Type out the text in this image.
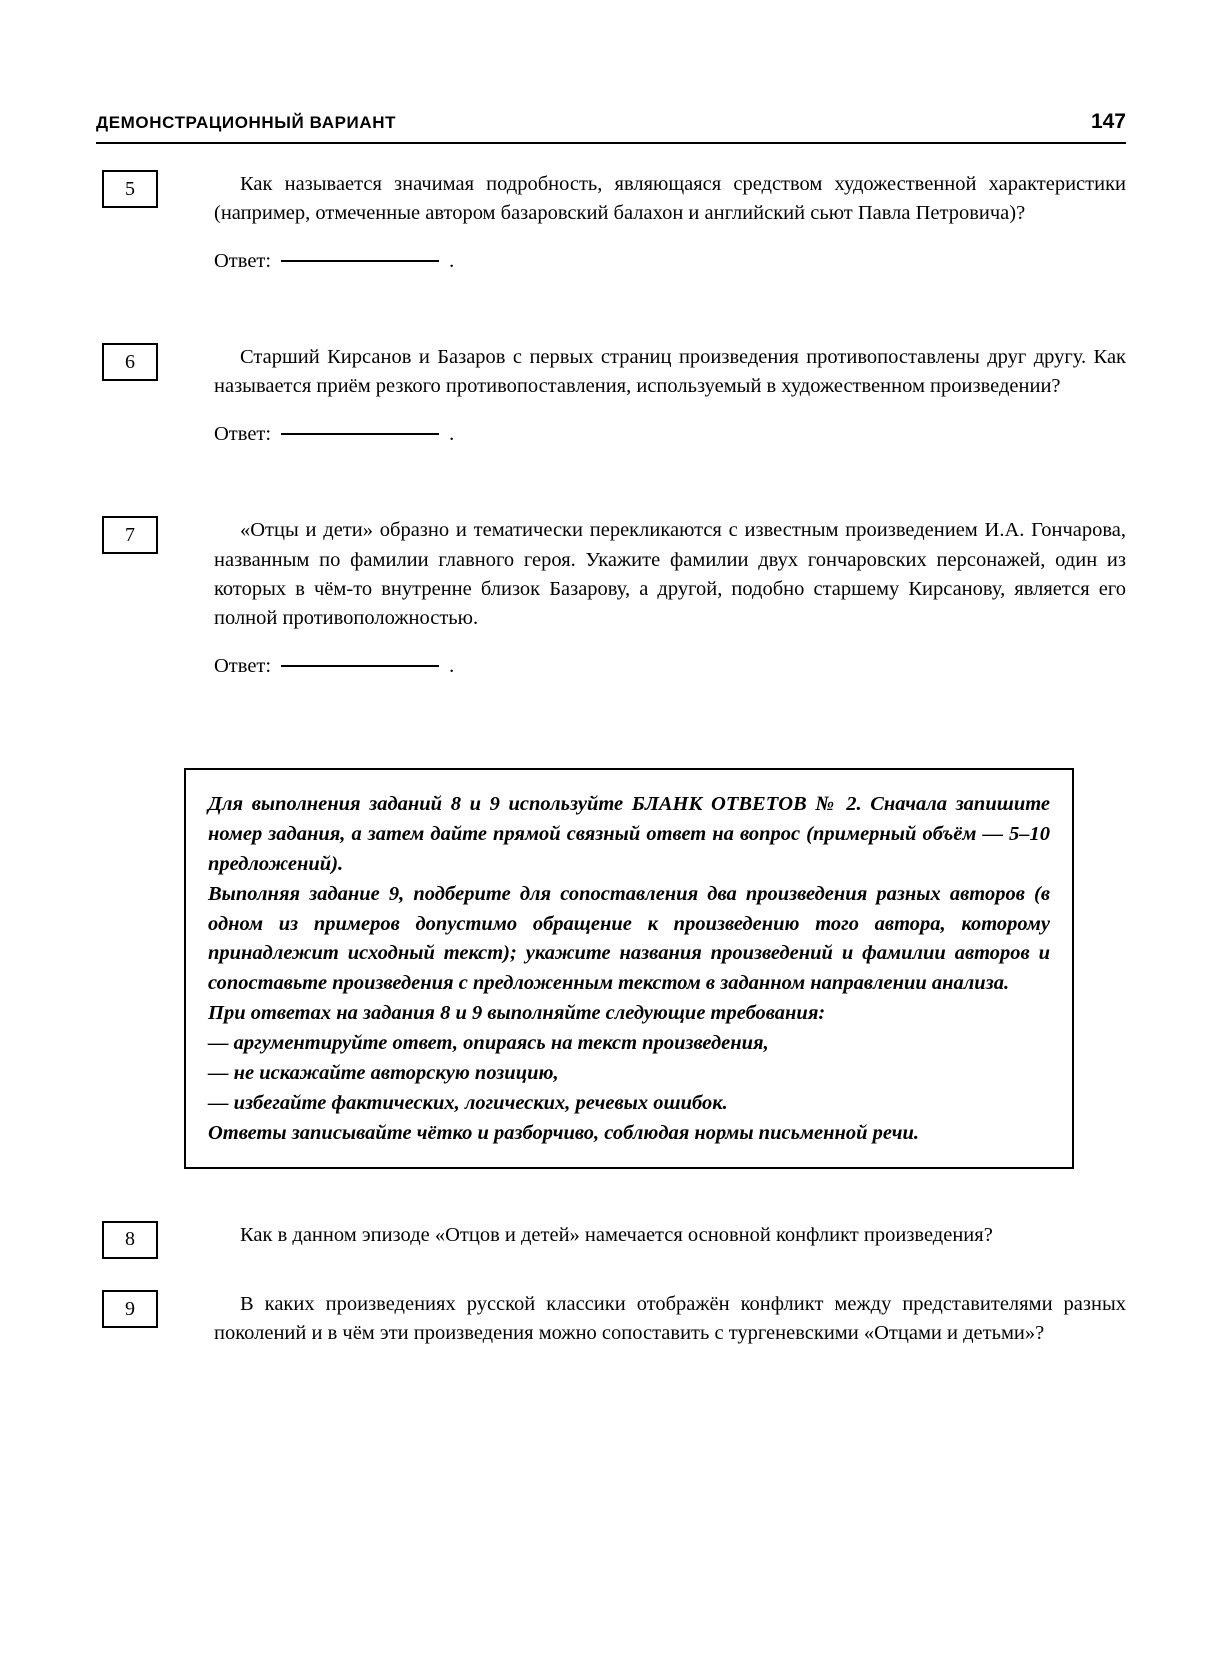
ДЕМОНСТРАЦИОННЫЙ ВАРИАНТ	147
5	Как называется значимая подробность, являющаяся средством художественной характеристики (например, отмеченные автором базаровский балахон и английский сьют Павла Петровича)?
Ответ:	.
6	Старший Кирсанов и Базаров с первых страниц произведения противопоставлены друг другу. Как называется приём резкого противопоставления, используемый в художественном произведении?
Ответ:	.
7	«Отцы и дети» образно и тематически перекликаются с известным произведением И.А. Гончарова, названным по фамилии главного героя. Укажите фамилии двух гончаровских персонажей, один из которых в чём-то внутренне близок Базарову, а другой, подобно старшему Кирсанову, является его полной противоположностью.
Ответ:	.

Для выполнения заданий 8 и 9 используйте БЛАНК ОТВЕТОВ № 2. Сначала запишите номер задания, а затем дайте прямой связный ответ на вопрос (примерный объём — 5–10 предложений).

Выполняя задание 9, подберите для сопоставления два произведения разных авторов (в одном из примеров допустимо обращение к произведению того автора, которому принадлежит исходный текст); укажите названия произведений и фамилии авторов и сопоставьте произведения с предложенным текстом в заданном направлении анализа.

При ответах на задания 8 и 9 выполняйте следующие требования:

— аргументируйте ответ, опираясь на текст произведения,

— не искажайте авторскую позицию,

— избегайте фактических, логических, речевых ошибок.

Ответы записывайте чётко и разборчиво, соблюдая нормы письменной речи.

8	Как в данном эпизоде «Отцов и детей» намечается основной конфликт произведения?
9	В каких произведениях русской классики отображён конфликт между представителями разных поколений и в чём эти произведения можно сопоставить с тургеневскими «Отцами и детьми»?
